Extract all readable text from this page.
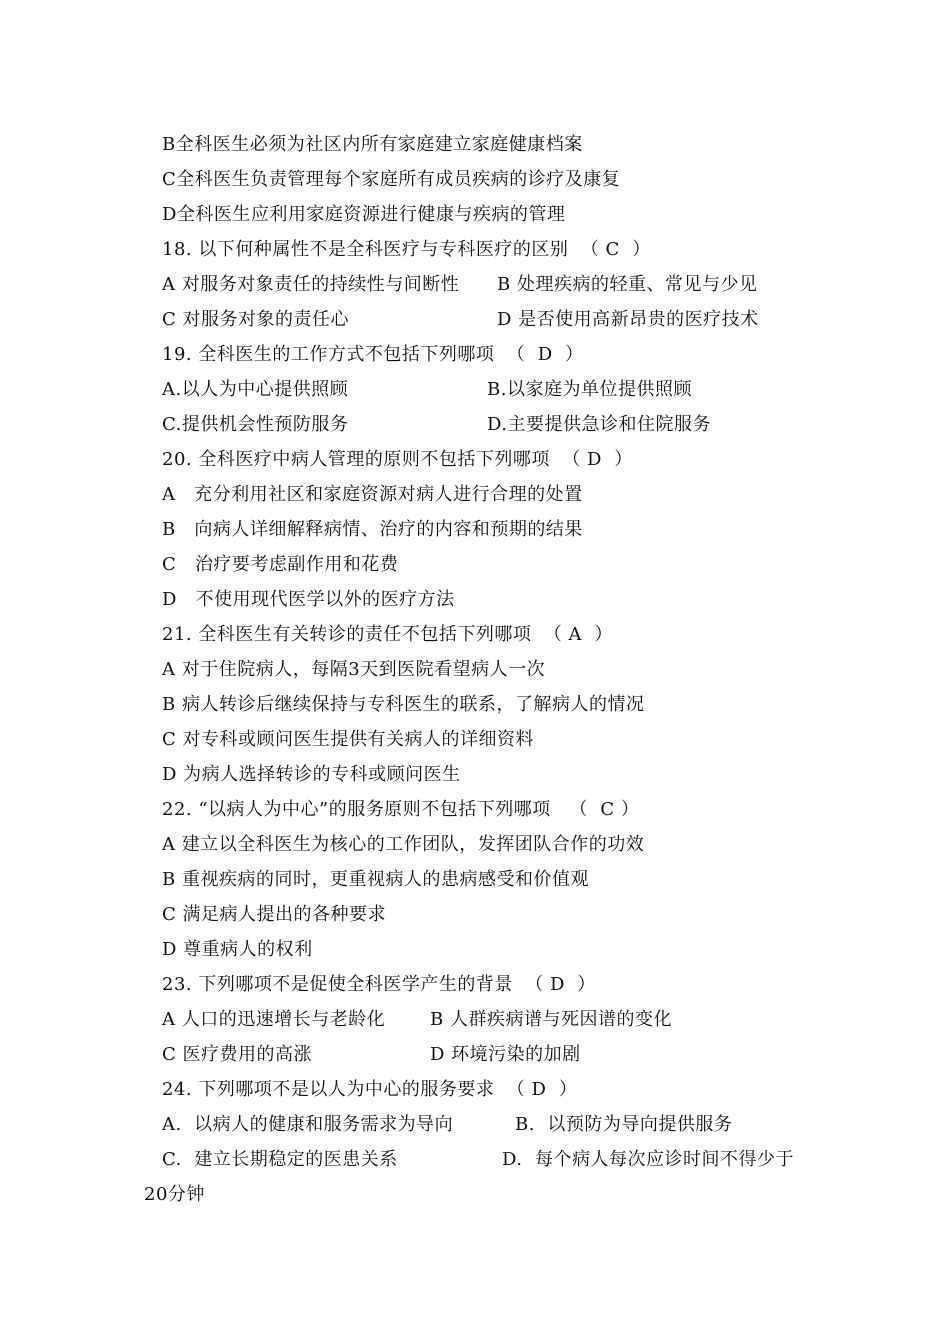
B全科医生必须为社区内所有家庭建立家庭健康档案
C全科医生负责管理每个家庭所有成员疾病的诊疗及康复
D全科医生应利用家庭资源进行健康与疾病的管理
18. 以下何种属性不是全科医疗与专科医疗的区别  （ C  ）
A 对服务对象责任的持续性与间断性 B 处理疾病的轻重、常见与少见
C 对服务对象的责任心	D 是否使用高新昂贵的医疗技术
19. 全科医生的工作方式不包括下列哪项  （  D  ）
A.以人为中心提供照顾	B.以家庭为单位提供照顾
C.提供机会性预防服务	D.主要提供急诊和住院服务
20. 全科医疗中病人管理的原则不包括下列哪项  （ D  ）
A   充分利用社区和家庭资源对病人进行合理的处置
B   向病人详细解释病情、治疗的内容和预期的结果
C   治疗要考虑副作用和花费
D   不使用现代医学以外的医疗方法
21. 全科医生有关转诊的责任不包括下列哪项  （ A  ）
A 对于住院病人，每隔3天到医院看望病人一次
B 病人转诊后继续保持与专科医生的联系，了解病人的情况
C 对专科或顾问医生提供有关病人的详细资料
D 为病人选择转诊的专科或顾问医生
22. “以病人为中心”的服务原则不包括下列哪项   （  C ）
A 建立以全科医生为核心的工作团队，发挥团队合作的功效
B 重视疾病的同时，更重视病人的患病感受和价值观
C 满足病人提出的各种要求
D 尊重病人的权利
23. 下列哪项不是促使全科医学产生的背景  （ D  ）
A 人口的迅速增长与老龄化 B 人群疾病谱与死因谱的变化
C 医疗费用的高涨	D 环境污染的加剧
24. 下列哪项不是以人为中心的服务要求  （ D  ）
A.  以病人的健康和服务需求为导向	B.  以预防为导向提供服务
C.  建立长期稳定的医患关系	D.  每个病人每次应诊时间不得少于
20分钟
